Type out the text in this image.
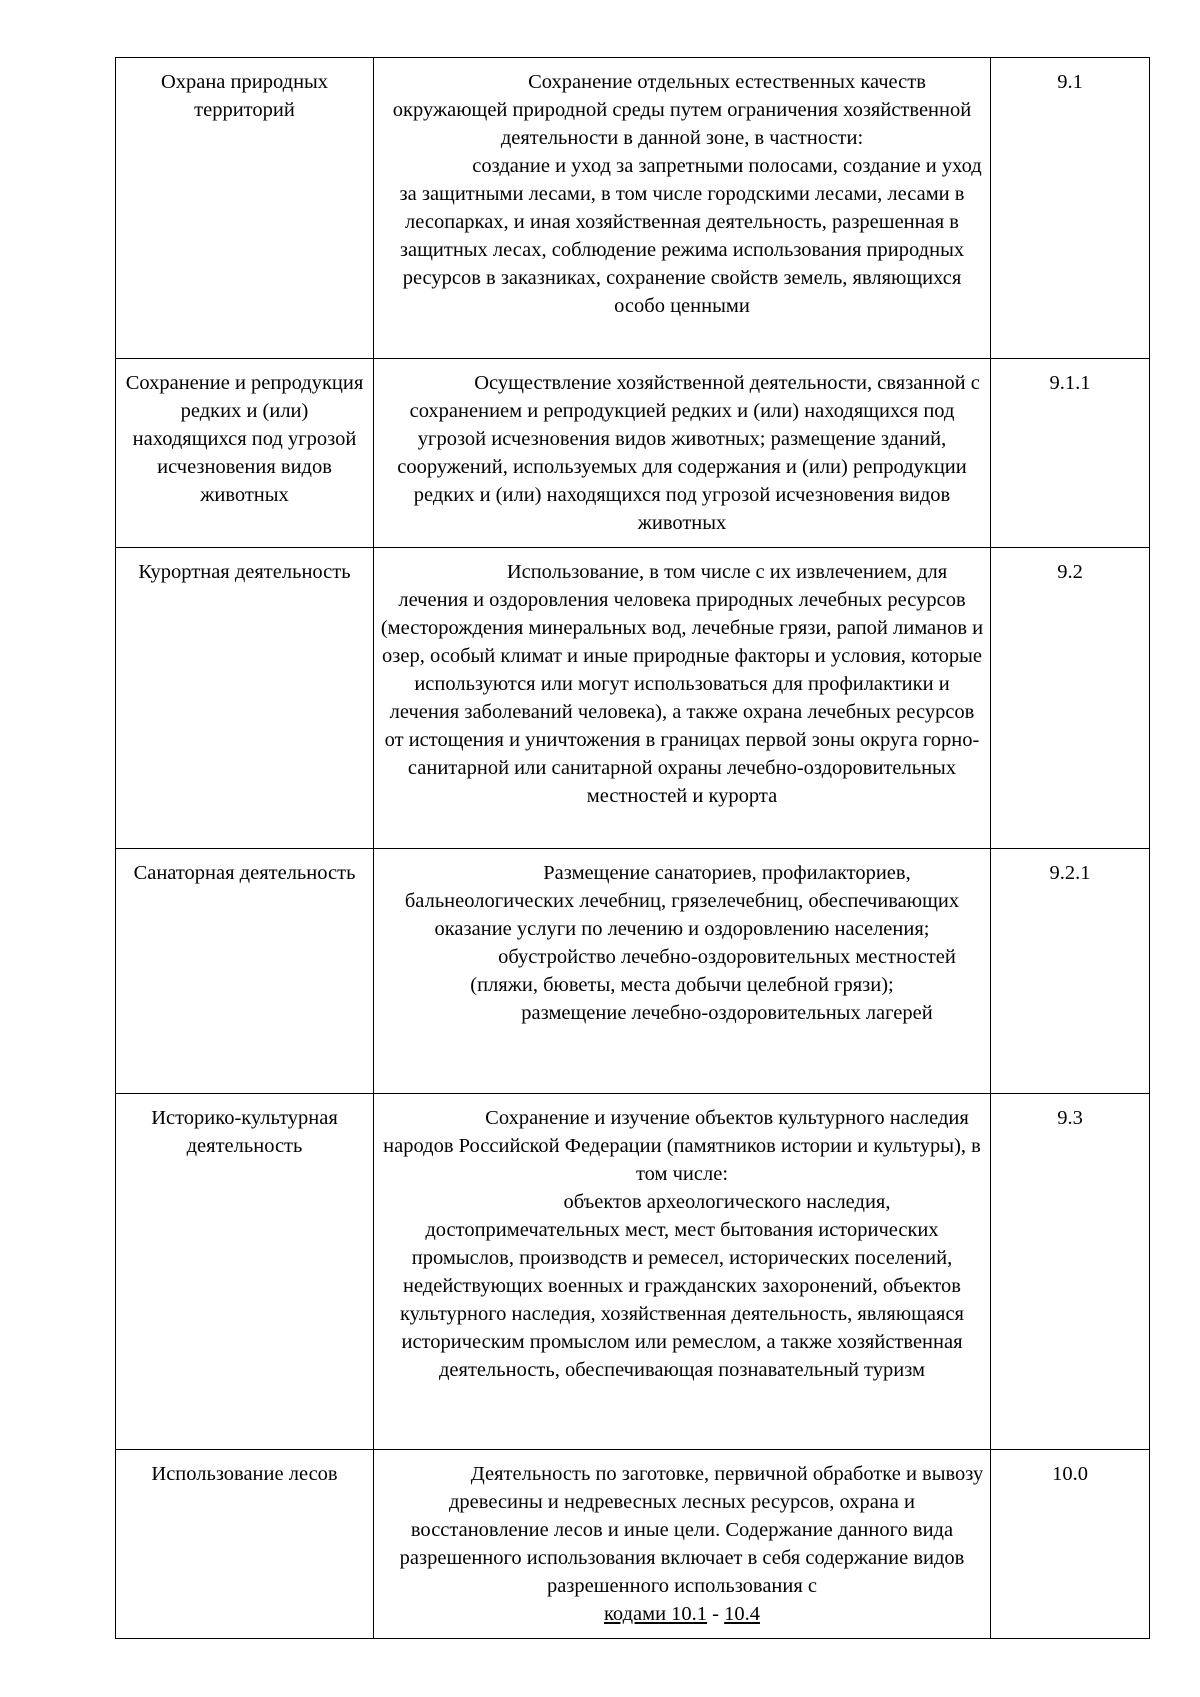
Охрана природных территорий	Сохранение отдельных естественных качеств окружающей природной среды путем ограничения хозяйственной деятельности в данной зоне, в частности:

создание и уход за запретными полосами, создание и уход за защитными лесами, в том числе городскими лесами, лесами в лесопарках, и иная хозяйственная деятельность, разрешенная в защитных лесах, соблюдение режима использования природных ресурсов в заказниках, сохранение свойств земель, являющихся особо ценными	9.1
Сохранение и репродукция редких и (или) находящихся под угрозой исчезновения видов животных	Осуществление хозяйственной деятельности, связанной с сохранением и репродукцией редких и (или) находящихся под угрозой исчезновения видов животных; размещение зданий, сооружений, используемых для содержания и (или) репродукции редких и (или) находящихся под угрозой исчезновения видов животных	9.1.1
Курортная деятельность	Использование, в том числе с их извлечением, для лечения и оздоровления человека природных лечебных ресурсов (месторождения минеральных вод, лечебные грязи, рапой лиманов и озер, особый климат и иные природные факторы и условия, которые используются или могут использоваться для профилактики и лечения заболеваний человека), а также охрана лечебных ресурсов от истощения и уничтожения в границах первой зоны округа горно-санитарной или санитарной охраны лечебно-оздоровительных местностей и курорта	9.2
Санаторная деятельность	Размещение санаториев, профилакториев, бальнеологических лечебниц, грязелечебниц, обеспечивающих оказание услуги по лечению и оздоровлению населения;

обустройство лечебно-оздоровительных местностей (пляжи, бюветы, места добычи целебной грязи);

размещение лечебно-оздоровительных лагерей	9.2.1
Историко-культурная деятельность	Сохранение и изучение объектов культурного наследия народов Российской Федерации (памятников истории и культуры), в том числе:

объектов археологического наследия, достопримечательных мест, мест бытования исторических промыслов, производств и ремесел, исторических поселений, недействующих военных и гражданских захоронений, объектов культурного наследия, хозяйственная деятельность, являющаяся историческим промыслом или ремеслом, а также хозяйственная деятельность, обеспечивающая познавательный туризм	9.3
Использование лесов	Деятельность по заготовке, первичной обработке и вывозу древесины и недревесных лесных ресурсов, охрана и восстановление лесов и иные цели. Содержание данного вида разрешенного использования включает в себя содержание видов разрешенного использования с

кодами 10.1 - 10.4	10.0
